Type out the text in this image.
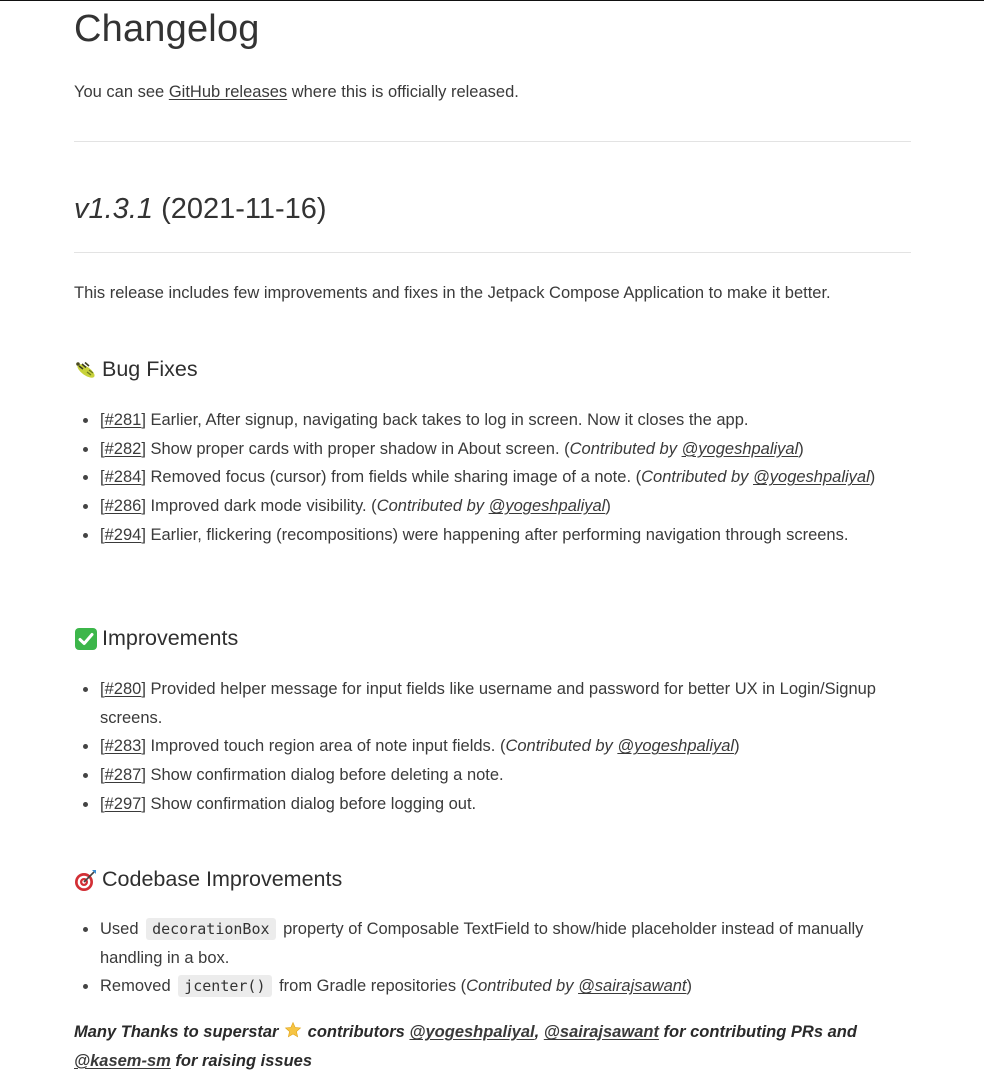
Changelog

You can see GitHub releases where this is officially released.

v1.3.1 (2021-11-16)

This release includes few improvements and fixes in the Jetpack Compose Application to make it better.

Bug Fixes
[#281] Earlier, After signup, navigating back takes to log in screen. Now it closes the app.
[#282] Show proper cards with proper shadow in About screen. (Contributed by @yogeshpaliyal)
[#284] Removed focus (cursor) from fields while sharing image of a note. (Contributed by @yogeshpaliyal)
[#286] Improved dark mode visibility. (Contributed by @yogeshpaliyal)
[#294] Earlier, flickering (recompositions) were happening after performing navigation through screens.
Improvements
[#280] Provided helper message for input fields like username and password for better UX in Login/Signup screens.
[#283] Improved touch region area of note input fields. (Contributed by @yogeshpaliyal)
[#287] Show confirmation dialog before deleting a note.
[#297] Show confirmation dialog before logging out.
Codebase Improvements
Used decorationBox property of Composable TextField to show/hide placeholder instead of manually handling in a box.
Removed jcenter() from Gradle repositories (Contributed by @sairajsawant)

Many Thanks to superstar  contributors @yogeshpaliyal, @sairajsawant for contributing PRs and @kasem-sm for raising issues
